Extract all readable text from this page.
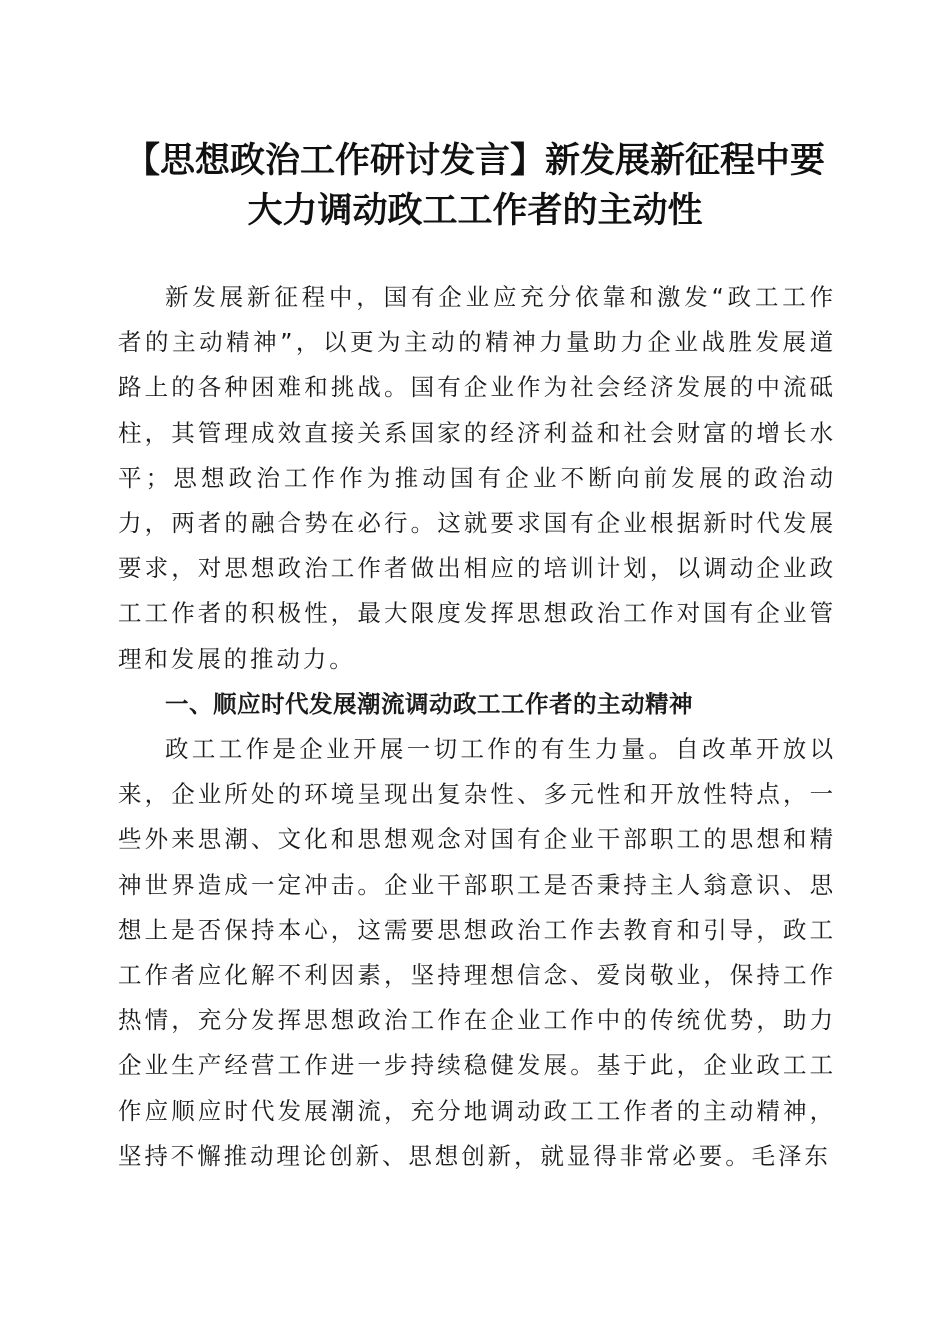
【思想政治工作研讨发言】新发展新征程中要
大力调动政工工作者的主动性

新发展新征程中，国有企业应充分依靠和激发“政工工作者的主动精神”，以更为主动的精神力量助力企业战胜发展道路上的各种困难和挑战。国有企业作为社会经济发展的中流砥柱，其管理成效直接关系国家的经济利益和社会财富的增长水平；思想政治工作作为推动国有企业不断向前发展的政治动力，两者的融合势在必行。这就要求国有企业根据新时代发展要求，对思想政治工作者做出相应的培训计划，以调动企业政工工作者的积极性，最大限度发挥思想政治工作对国有企业管理和发展的推动力。

一、顺应时代发展潮流调动政工工作者的主动精神

政工工作是企业开展一切工作的有生力量。自改革开放以来，企业所处的环境呈现出复杂性、多元性和开放性特点，一些外来思潮、文化和思想观念对国有企业干部职工的思想和精神世界造成一定冲击。企业干部职工是否秉持主人翁意识、思想上是否保持本心，这需要思想政治工作去教育和引导，政工工作者应化解不利因素，坚持理想信念、爱岗敬业，保持工作热情，充分发挥思想政治工作在企业工作中的传统优势，助力企业生产经营工作进一步持续稳健发展。基于此，企业政工工作应顺应时代发展潮流，充分地调动政工工作者的主动精神，坚持不懈推动理论创新、思想创新，就显得非常必要。毛泽东
